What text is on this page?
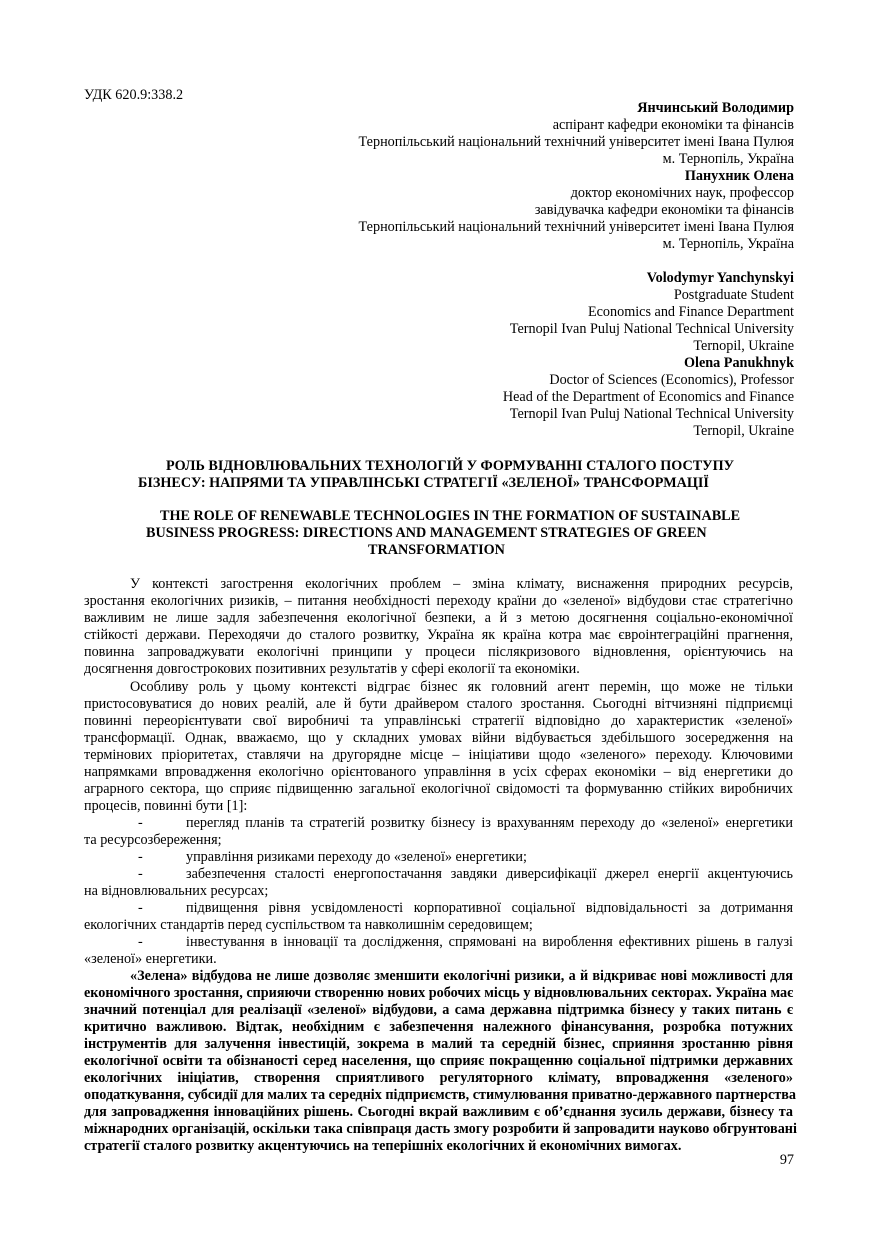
УДК 620.9:338.2
Янчинський Володимир
аспірант кафедри економіки та фінансів
Тернопільський національний технічний університет імені Івана Пулюя
м. Тернопіль, Україна
Панухник Олена
доктор економічних наук, профессор
завідувачка кафедри економіки та фінансів
Тернопільський національний технічний університет імені Івана Пулюя
м. Тернопіль, Україна
Volodymyr Yanchynskyi
Postgraduate Student
Economics and Finance Department
Ternopil Ivan Puluj National Technical University
Ternopil, Ukraine
Olena Panukhnyk
Doctor of Sciences (Economics), Professor
Head of the Department of Economics and Finance
Ternopil Ivan Puluj National Technical University
Ternopil, Ukraine
РОЛЬ ВІДНОВЛЮВАЛЬНИХ ТЕХНОЛОГІЙ У ФОРМУВАННІ СТАЛОГО ПОСТУПУ
БІЗНЕСУ: НАПРЯМИ ТА УПРАВЛІНСЬКІ СТРАТЕГІЇ «ЗЕЛЕНОЇ» ТРАНСФОРМАЦІЇ
THE ROLE OF RENEWABLE TECHNOLOGIES IN THE FORMATION OF SUSTAINABLE
BUSINESS PROGRESS: DIRECTIONS AND MANAGEMENT STRATEGIES OF GREEN
TRANSFORMATION
У контексті загострення екологічних проблем – зміна клімату, виснаження природних ресурсів,
зростання екологічних ризиків, – питання необхідності переходу країни до «зеленої» відбудови стає стратегічно
важливим не лише задля забезпечення екологічної безпеки, а й з метою досягнення соціально-економічної
стійкості держави. Переходячи до сталого розвитку, Україна як країна котра має євроінтеграційні прагнення,
повинна запроваджувати екологічні принципи у процеси післякризового відновлення, орієнтуючись на
досягнення довгострокових позитивних результатів у сфері екології та економіки.
Особливу роль у цьому контексті відграє бізнес як головний агент перемін, що може не тільки
пристосовуватися до нових реалій, але й бути драйвером сталого зростання. Сьогодні вітчизняні підприємці
повинні переорієнтувати свої виробничі та управлінські стратегії відповідно до характеристик «зеленої»
трансформації. Однак, вважаємо, що у складних умовах війни відбувається здебільшого зосередження на
термінових пріоритетах, ставлячи на другорядне місце – ініціативи щодо «зеленого» переходу. Ключовими
напрямками впровадження екологічно орієнтованого управління в усіх сферах економіки – від енергетики до
аграрного сектора, що сприяє підвищенню загальної екологічної свідомості та формуванню стійких виробничих
процесів, повинні бути [1]:
-	перегляд планів та стратегій розвитку бізнесу із врахуванням переходу до «зеленої» енергетики
та ресурсозбереження;
-	управління ризиками переходу до «зеленої» енергетики;
-	забезпечення сталості енергопостачання завдяки диверсифікації джерел енергії акцентуючись
на відновлювальних ресурсах;
-	підвищення рівня усвідомленості корпоративної соціальної відповідальності за дотримання
екологічних стандартів перед суспільством та навколишнім середовищем;
-	інвестування в інновації та дослідження, спрямовані на вироблення ефективних рішень в галузі
«зеленої» енергетики.
«Зелена» відбудова не лише дозволяє зменшити екологічні ризики, а й відкриває нові можливості для
економічного зростання, сприяючи створенню нових робочих місць у відновлювальних секторах. Україна має
значний потенціал для реалізації «зеленої» відбудови, а сама державна підтримка бізнесу у таких питань є
критично важливою. Відтак, необхідним є забезпечення належного фінансування, розробка потужних
інструментів для залучення інвестицій, зокрема в малий та середній бізнес, сприяння зростанню рівня
екологічної освіти та обізнаності серед населення, що сприяє покращенню соціальної підтримки державних
екологічних ініціатив, створення сприятливого регуляторного клімату, впровадження «зеленого»
оподаткування, субсидії для малих та середніх підприємств, стимулювання приватно-державного партнерства
для запровадження інноваційних рішень. Сьогодні вкрай важливим є об’єднання зусиль держави, бізнесу та
міжнародних організацій, оскільки така співпраця дасть змогу розробити й запровадити науково обгрунтовані
стратегії сталого розвитку акцентуючись на теперішніх екологічних й економічних вимогах.
97
